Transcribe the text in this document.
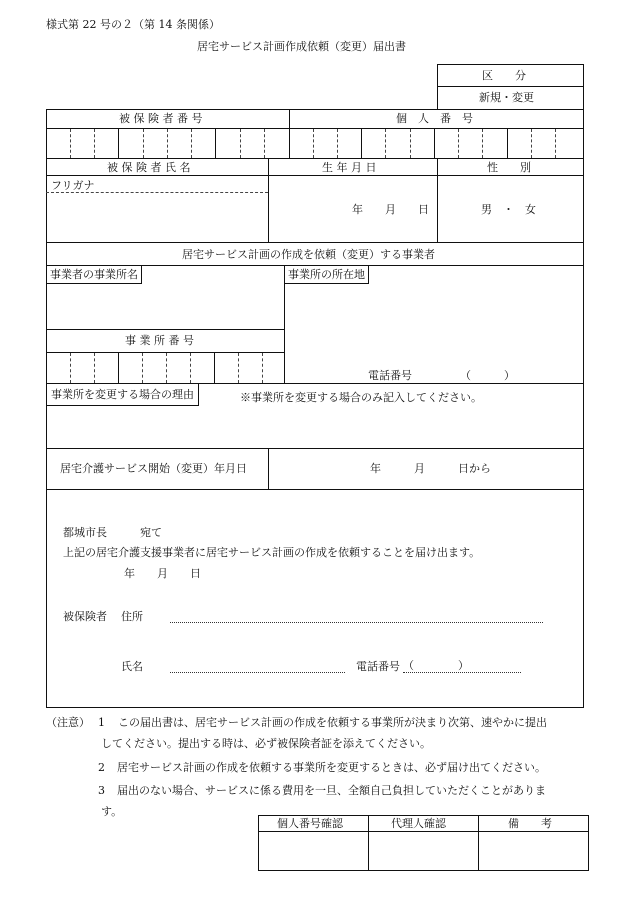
様式第 22 号の２（第 14 条関係）
居宅サービス計画作成依頼（変更）届出書
区　　分
新規・変更
被 保 険 者 番 号	個　人　番　号
被 保 険 者 氏 名	生 年 月 日	性　　別
フリガナ
年　　月　　日	男　・　女
居宅サービス計画の作成を依頼（変更）する事業者
事業者の事業所名	事業所の所在地
事 業 所 番 号
電話番号	（　　　）
事業所を変更する場合の理由	※事業所を変更する場合のみ記入してください。
居宅介護サービス開始（変更）年月日	年　　　月　　　日から
都城市長　　　宛て
上記の居宅介護支援事業者に居宅サービス計画の作成を依頼することを届け出ます。
年　　月　　日
被保険者 住所
氏名	電話番号 （　　　　）
（注意） 1 この届出書は、居宅サービス計画の作成を依頼する事業所が決まり次第、速やかに提出
してください。提出する時は、必ず被保険者証を添えてください。
2 居宅サービス計画の作成を依頼する事業所を変更するときは、必ず届け出てください。
3 届出のない場合、サービスに係る費用を一旦、全額自己負担していただくことがありま
す。
個人番号確認	代理人確認	備　　考
